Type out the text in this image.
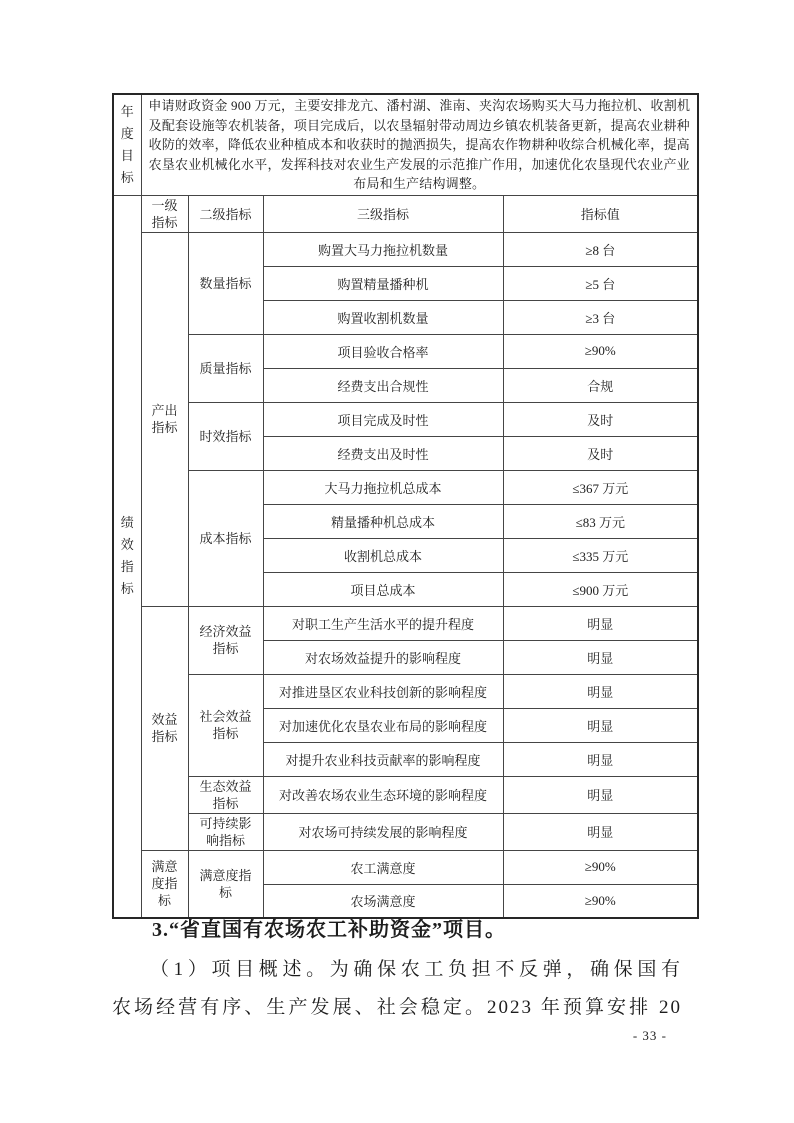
年度目标	申请财政资金 900 万元，主要安排龙亢、潘村湖、淮南、夹沟农场购买大马力拖拉机、收割机及配套设施等农机装备，项目完成后，以农垦辐射带动周边乡镇农机装备更新，提高农业耕种收防的效率，降低农业种植成本和收获时的抛洒损失，提高农作物耕种收综合机械化率，提高农垦农业机械化水平，发挥科技对农业生产发展的示范推广作用，加速优化农垦现代农业产业布局和生产结构调整。			

绩效指标	一级指标	二级指标	三级指标	指标值

	产出指标	数量指标	购置大马力拖拉机数量	≥8 台
			购置精量播种机	≥5 台
			购置收割机数量	≥3 台

		质量指标	项目验收合格率	≥90%
			经费支出合规性	合规

		时效指标	项目完成及时性	及时
			经费支出及时性	及时

		成本指标	大马力拖拉机总成本	≤367 万元
			精量播种机总成本	≤83 万元
			收割机总成本	≤335 万元
			项目总成本	≤900 万元

	效益指标	经济效益指标	对职工生产生活水平的提升程度	明显
			对农场效益提升的影响程度	明显

		社会效益指标	对推进垦区农业科技创新的影响程度	明显
			对加速优化农垦农业布局的影响程度	明显
			对提升农业科技贡献率的影响程度	明显

		生态效益指标	对改善农场农业生态环境的影响程度	明显

		可持续影响指标	对农场可持续发展的影响程度	明显

	满意度指标	满意度指标	农工满意度	≥90%
			农场满意度	≥90%
3.“省直国有农场农工补助资金”项目。
（1）项目概述。为确保农工负担不反弹，确保国有
农场经营有序、生产发展、社会稳定。2023 年预算安排 20
- 33 -
